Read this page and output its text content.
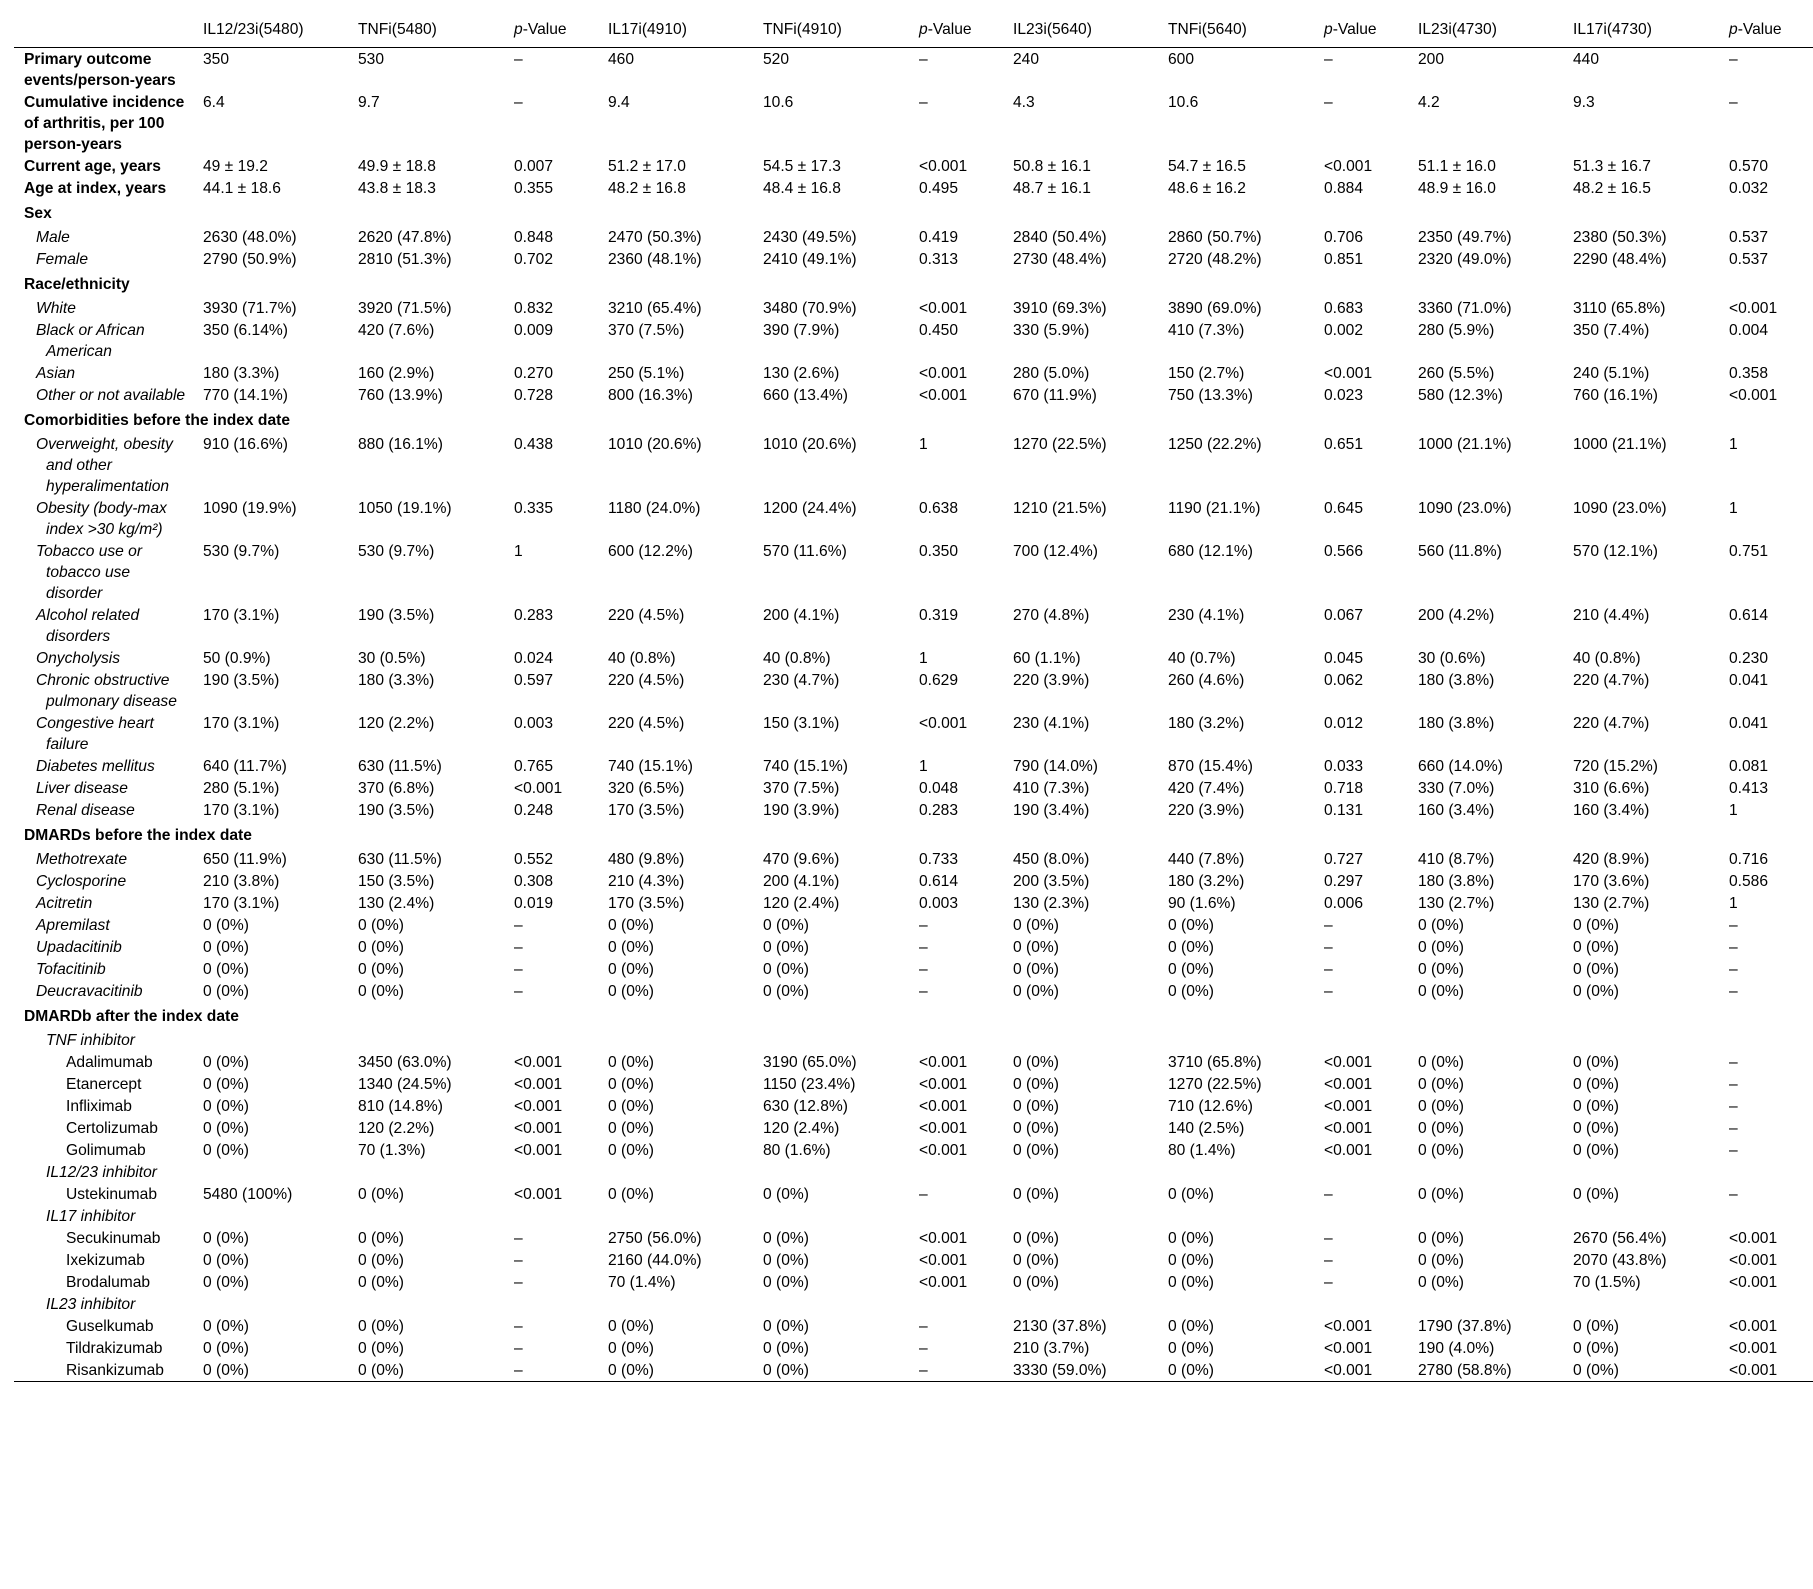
	IL12/23i(5480)	TNFi(5480)	p-Value	IL17i(4910)	TNFi(4910)	p-Value	IL23i(5640)	TNFi(5640)	p-Value	IL23i(4730)	IL17i(4730)	p-Value
Primary outcome events/person-years	350	530	–	460	520	–	240	600	–	200	440	–
Cumulative incidence of arthritis, per 100 person-years	6.4	9.7	–	9.4	10.6	–	4.3	10.6	–	4.2	9.3	–
Current age, years	49 ± 19.2	49.9 ± 18.8	0.007	51.2 ± 17.0	54.5 ± 17.3	<0.001	50.8 ± 16.1	54.7 ± 16.5	<0.001	51.1 ± 16.0	51.3 ± 16.7	0.570
Age at index, years	44.1 ± 18.6	43.8 ± 18.3	0.355	48.2 ± 16.8	48.4 ± 16.8	0.495	48.7 ± 16.1	48.6 ± 16.2	0.884	48.9 ± 16.0	48.2 ± 16.5	0.032
Sex												
Male	2630 (48.0%)	2620 (47.8%)	0.848	2470 (50.3%)	2430 (49.5%)	0.419	2840 (50.4%)	2860 (50.7%)	0.706	2350 (49.7%)	2380 (50.3%)	0.537
Female	2790 (50.9%)	2810 (51.3%)	0.702	2360 (48.1%)	2410 (49.1%)	0.313	2730 (48.4%)	2720 (48.2%)	0.851	2320 (49.0%)	2290 (48.4%)	0.537
Race/ethnicity												
White	3930 (71.7%)	3920 (71.5%)	0.832	3210 (65.4%)	3480 (70.9%)	<0.001	3910 (69.3%)	3890 (69.0%)	0.683	3360 (71.0%)	3110 (65.8%)	<0.001
Black or African American	350 (6.14%)	420 (7.6%)	0.009	370 (7.5%)	390 (7.9%)	0.450	330 (5.9%)	410 (7.3%)	0.002	280 (5.9%)	350 (7.4%)	0.004
Asian	180 (3.3%)	160 (2.9%)	0.270	250 (5.1%)	130 (2.6%)	<0.001	280 (5.0%)	150 (2.7%)	<0.001	260 (5.5%)	240 (5.1%)	0.358
Other or not available	770 (14.1%)	760 (13.9%)	0.728	800 (16.3%)	660 (13.4%)	<0.001	670 (11.9%)	750 (13.3%)	0.023	580 (12.3%)	760 (16.1%)	<0.001
Comorbidities before the index date												
Overweight, obesity and other hyperalimentation	910 (16.6%)	880 (16.1%)	0.438	1010 (20.6%)	1010 (20.6%)	1	1270 (22.5%)	1250 (22.2%)	0.651	1000 (21.1%)	1000 (21.1%)	1
Obesity (body-max index >30 kg/m²)	1090 (19.9%)	1050 (19.1%)	0.335	1180 (24.0%)	1200 (24.4%)	0.638	1210 (21.5%)	1190 (21.1%)	0.645	1090 (23.0%)	1090 (23.0%)	1
Tobacco use or tobacco use disorder	530 (9.7%)	530 (9.7%)	1	600 (12.2%)	570 (11.6%)	0.350	700 (12.4%)	680 (12.1%)	0.566	560 (11.8%)	570 (12.1%)	0.751
Alcohol related disorders	170 (3.1%)	190 (3.5%)	0.283	220 (4.5%)	200 (4.1%)	0.319	270 (4.8%)	230 (4.1%)	0.067	200 (4.2%)	210 (4.4%)	0.614
Onycholysis	50 (0.9%)	30 (0.5%)	0.024	40 (0.8%)	40 (0.8%)	1	60 (1.1%)	40 (0.7%)	0.045	30 (0.6%)	40 (0.8%)	0.230
Chronic obstructive pulmonary disease	190 (3.5%)	180 (3.3%)	0.597	220 (4.5%)	230 (4.7%)	0.629	220 (3.9%)	260 (4.6%)	0.062	180 (3.8%)	220 (4.7%)	0.041
Congestive heart failure	170 (3.1%)	120 (2.2%)	0.003	220 (4.5%)	150 (3.1%)	<0.001	230 (4.1%)	180 (3.2%)	0.012	180 (3.8%)	220 (4.7%)	0.041
Diabetes mellitus	640 (11.7%)	630 (11.5%)	0.765	740 (15.1%)	740 (15.1%)	1	790 (14.0%)	870 (15.4%)	0.033	660 (14.0%)	720 (15.2%)	0.081
Liver disease	280 (5.1%)	370 (6.8%)	<0.001	320 (6.5%)	370 (7.5%)	0.048	410 (7.3%)	420 (7.4%)	0.718	330 (7.0%)	310 (6.6%)	0.413
Renal disease	170 (3.1%)	190 (3.5%)	0.248	170 (3.5%)	190 (3.9%)	0.283	190 (3.4%)	220 (3.9%)	0.131	160 (3.4%)	160 (3.4%)	1
DMARDs before the index date												
Methotrexate	650 (11.9%)	630 (11.5%)	0.552	480 (9.8%)	470 (9.6%)	0.733	450 (8.0%)	440 (7.8%)	0.727	410 (8.7%)	420 (8.9%)	0.716
Cyclosporine	210 (3.8%)	150 (3.5%)	0.308	210 (4.3%)	200 (4.1%)	0.614	200 (3.5%)	180 (3.2%)	0.297	180 (3.8%)	170 (3.6%)	0.586
Acitretin	170 (3.1%)	130 (2.4%)	0.019	170 (3.5%)	120 (2.4%)	0.003	130 (2.3%)	90 (1.6%)	0.006	130 (2.7%)	130 (2.7%)	1
Apremilast	0 (0%)	0 (0%)	–	0 (0%)	0 (0%)	–	0 (0%)	0 (0%)	–	0 (0%)	0 (0%)	–
Upadacitinib	0 (0%)	0 (0%)	–	0 (0%)	0 (0%)	–	0 (0%)	0 (0%)	–	0 (0%)	0 (0%)	–
Tofacitinib	0 (0%)	0 (0%)	–	0 (0%)	0 (0%)	–	0 (0%)	0 (0%)	–	0 (0%)	0 (0%)	–
Deucravacitinib	0 (0%)	0 (0%)	–	0 (0%)	0 (0%)	–	0 (0%)	0 (0%)	–	0 (0%)	0 (0%)	–
DMARDb after the index date												
TNF inhibitor												
Adalimumab	0 (0%)	3450 (63.0%)	<0.001	0 (0%)	3190 (65.0%)	<0.001	0 (0%)	3710 (65.8%)	<0.001	0 (0%)	0 (0%)	–
Etanercept	0 (0%)	1340 (24.5%)	<0.001	0 (0%)	1150 (23.4%)	<0.001	0 (0%)	1270 (22.5%)	<0.001	0 (0%)	0 (0%)	–
Infliximab	0 (0%)	810 (14.8%)	<0.001	0 (0%)	630 (12.8%)	<0.001	0 (0%)	710 (12.6%)	<0.001	0 (0%)	0 (0%)	–
Certolizumab	0 (0%)	120 (2.2%)	<0.001	0 (0%)	120 (2.4%)	<0.001	0 (0%)	140 (2.5%)	<0.001	0 (0%)	0 (0%)	–
Golimumab	0 (0%)	70 (1.3%)	<0.001	0 (0%)	80 (1.6%)	<0.001	0 (0%)	80 (1.4%)	<0.001	0 (0%)	0 (0%)	–
IL12/23 inhibitor												
Ustekinumab	5480 (100%)	0 (0%)	<0.001	0 (0%)	0 (0%)	–	0 (0%)	0 (0%)	–	0 (0%)	0 (0%)	–
IL17 inhibitor												
Secukinumab	0 (0%)	0 (0%)	–	2750 (56.0%)	0 (0%)	<0.001	0 (0%)	0 (0%)	–	0 (0%)	2670 (56.4%)	<0.001
Ixekizumab	0 (0%)	0 (0%)	–	2160 (44.0%)	0 (0%)	<0.001	0 (0%)	0 (0%)	–	0 (0%)	2070 (43.8%)	<0.001
Brodalumab	0 (0%)	0 (0%)	–	70 (1.4%)	0 (0%)	<0.001	0 (0%)	0 (0%)	–	0 (0%)	70 (1.5%)	<0.001
IL23 inhibitor												
Guselkumab	0 (0%)	0 (0%)	–	0 (0%)	0 (0%)	–	2130 (37.8%)	0 (0%)	<0.001	1790 (37.8%)	0 (0%)	<0.001
Tildrakizumab	0 (0%)	0 (0%)	–	0 (0%)	0 (0%)	–	210 (3.7%)	0 (0%)	<0.001	190 (4.0%)	0 (0%)	<0.001
Risankizumab	0 (0%)	0 (0%)	–	0 (0%)	0 (0%)	–	3330 (59.0%)	0 (0%)	<0.001	2780 (58.8%)	0 (0%)	<0.001
